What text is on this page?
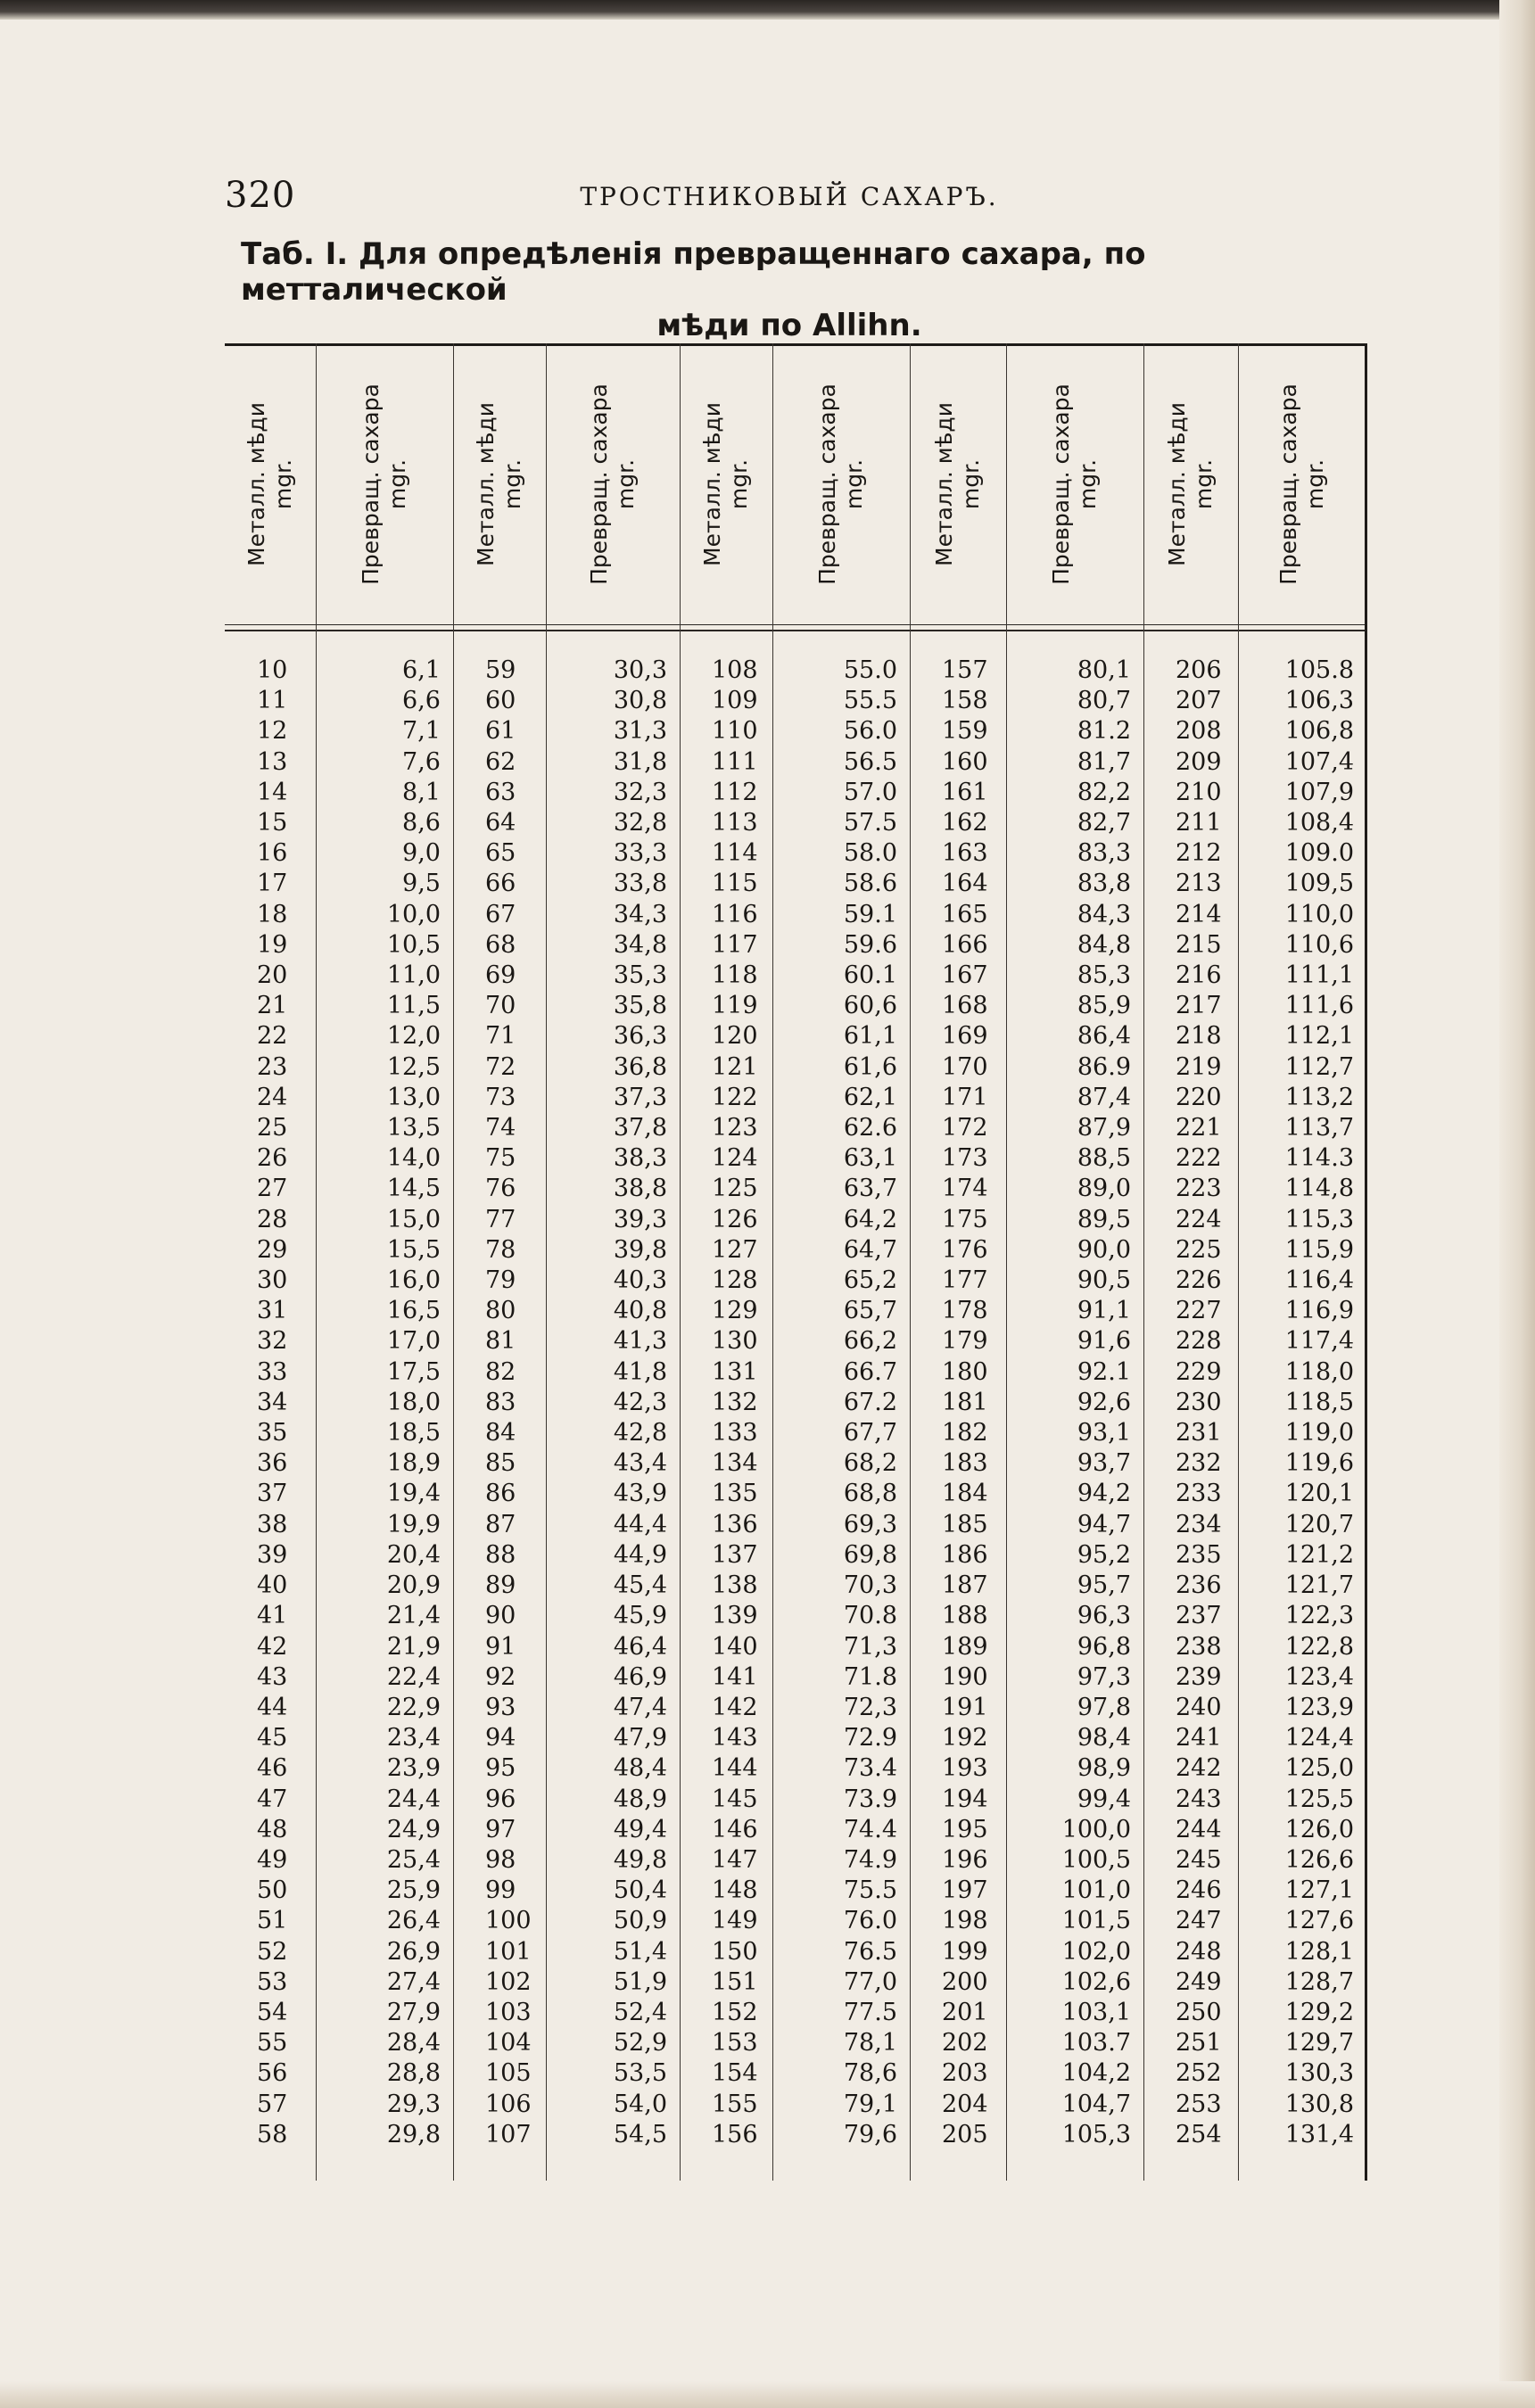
320	ТРОСТНИКОВЫЙ САХАРЪ.
Таб. I. Для опредѣленія превращеннаго сахара, по метталической
мѣди по Allihn.
Металл. мѣди mgr.
10
11
12
13
14
15
16
17
18
19
20
21
22
23
24
25
26
27
28
29
30
31
32
33
34
35
36
37
38
39
40
41
42
43
44
45
46
47
48
49
50
51
52
53
54
55
56
57
58
Превращ. сахара mgr.
6,1
6,6
7,1
7,6
8,1
8,6
9,0
9,5
10,0
10,5
11,0
11,5
12,0
12,5
13,0
13,5
14,0
14,5
15,0
15,5
16,0
16,5
17,0
17,5
18,0
18,5
18,9
19,4
19,9
20,4
20,9
21,4
21,9
22,4
22,9
23,4
23,9
24,4
24,9
25,4
25,9
26,4
26,9
27,4
27,9
28,4
28,8
29,3
29,8
Металл. мѣди mgr.
59
60
61
62
63
64
65
66
67
68
69
70
71
72
73
74
75
76
77
78
79
80
81
82
83
84
85
86
87
88
89
90
91
92
93
94
95
96
97
98
99
100
101
102
103
104
105
106
107
Превращ. сахара mgr.
30,3
30,8
31,3
31,8
32,3
32,8
33,3
33,8
34,3
34,8
35,3
35,8
36,3
36,8
37,3
37,8
38,3
38,8
39,3
39,8
40,3
40,8
41,3
41,8
42,3
42,8
43,4
43,9
44,4
44,9
45,4
45,9
46,4
46,9
47,4
47,9
48,4
48,9
49,4
49,8
50,4
50,9
51,4
51,9
52,4
52,9
53,5
54,0
54,5
Металл. мѣди mgr.
108
109
110
111
112
113
114
115
116
117
118
119
120
121
122
123
124
125
126
127
128
129
130
131
132
133
134
135
136
137
138
139
140
141
142
143
144
145
146
147
148
149
150
151
152
153
154
155
156
Превращ. сахара mgr.
55.0
55.5
56.0
56.5
57.0
57.5
58.0
58.6
59.1
59.6
60.1
60,6
61,1
61,6
62,1
62.6
63,1
63,7
64,2
64,7
65,2
65,7
66,2
66.7
67.2
67,7
68,2
68,8
69,3
69,8
70,3
70.8
71,3
71.8
72,3
72.9
73.4
73.9
74.4
74.9
75.5
76.0
76.5
77,0
77.5
78,1
78,6
79,1
79,6
Металл. мѣди mgr.
157
158
159
160
161
162
163
164
165
166
167
168
169
170
171
172
173
174
175
176
177
178
179
180
181
182
183
184
185
186
187
188
189
190
191
192
193
194
195
196
197
198
199
200
201
202
203
204
205
Превращ. сахара mgr.
80,1
80,7
81.2
81,7
82,2
82,7
83,3
83,8
84,3
84,8
85,3
85,9
86,4
86.9
87,4
87,9
88,5
89,0
89,5
90,0
90,5
91,1
91,6
92.1
92,6
93,1
93,7
94,2
94,7
95,2
95,7
96,3
96,8
97,3
97,8
98,4
98,9
99,4
100,0
100,5
101,0
101,5
102,0
102,6
103,1
103.7
104,2
104,7
105,3
Металл. мѣди mgr.
206
207
208
209
210
211
212
213
214
215
216
217
218
219
220
221
222
223
224
225
226
227
228
229
230
231
232
233
234
235
236
237
238
239
240
241
242
243
244
245
246
247
248
249
250
251
252
253
254
Превращ. сахара mgr.
105.8
106,3
106,8
107,4
107,9
108,4
109.0
109,5
110,0
110,6
111,1
111,6
112,1
112,7
113,2
113,7
114.3
114,8
115,3
115,9
116,4
116,9
117,4
118,0
118,5
119,0
119,6
120,1
120,7
121,2
121,7
122,3
122,8
123,4
123,9
124,4
125,0
125,5
126,0
126,6
127,1
127,6
128,1
128,7
129,2
129,7
130,3
130,8
131,4
